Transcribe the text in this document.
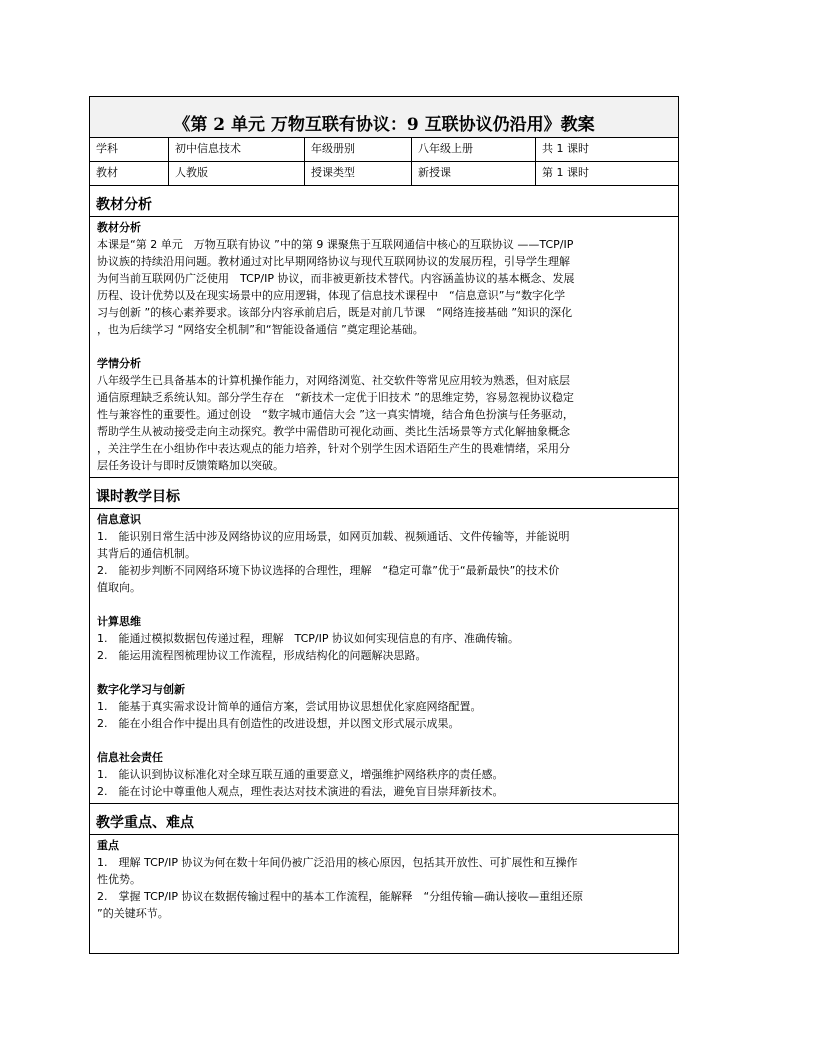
《第 2 单元 万物互联有协议：9 互联协议仍沿用》教案
学科	初中信息技术	年级册别	八年级上册	共 1 课时
教材	人教版	授课类型	新授课	第 1 课时
教材分析
教材分析

本课是“第 2 单元　万物互联有协议 ”中的第 9 课聚焦于互联网通信中核心的互联协议 ——TCP/IP

协议族的持续沿用问题。教材通过对比早期网络协议与现代互联网协议的发展历程，引导学生理解

为何当前互联网仍广泛使用　TCP/IP 协议，而非被更新技术替代。内容涵盖协议的基本概念、发展

历程、设计优势以及在现实场景中的应用逻辑，体现了信息技术课程中　“信息意识”与“数字化学

习与创新 ”的核心素养要求。该部分内容承前启后，既是对前几节课　“网络连接基础 ”知识的深化

，也为后续学习 “网络安全机制”和“智能设备通信 ”奠定理论基础。

学情分析

八年级学生已具备基本的计算机操作能力，对网络浏览、社交软件等常见应用较为熟悉，但对底层

通信原理缺乏系统认知。部分学生存在　“新技术一定优于旧技术 ”的思维定势，容易忽视协议稳定

性与兼容性的重要性。通过创设　“数字城市通信大会 ”这一真实情境，结合角色扮演与任务驱动，

帮助学生从被动接受走向主动探究。教学中需借助可视化动画、类比生活场景等方式化解抽象概念

，关注学生在小组协作中表达观点的能力培养，针对个别学生因术语陌生产生的畏难情绪，采用分

层任务设计与即时反馈策略加以突破。

课时教学目标
信息意识

1.　能识别日常生活中涉及网络协议的应用场景，如网页加载、视频通话、文件传输等，并能说明

其背后的通信机制。

2.　能初步判断不同网络环境下协议选择的合理性，理解　“稳定可靠”优于“最新最快”的技术价

值取向。

计算思维

1.　能通过模拟数据包传递过程，理解　TCP/IP 协议如何实现信息的有序、准确传输。

2.　能运用流程图梳理协议工作流程，形成结构化的问题解决思路。

数字化学习与创新

1.　能基于真实需求设计简单的通信方案，尝试用协议思想优化家庭网络配置。

2.　能在小组合作中提出具有创造性的改进设想，并以图文形式展示成果。

信息社会责任

1.　能认识到协议标准化对全球互联互通的重要意义，增强维护网络秩序的责任感。

2.　能在讨论中尊重他人观点，理性表达对技术演进的看法，避免盲目崇拜新技术。

教学重点、难点
重点

1.　理解 TCP/IP 协议为何在数十年间仍被广泛沿用的核心原因，包括其开放性、可扩展性和互操作

性优势。

2.　掌握 TCP/IP 协议在数据传输过程中的基本工作流程，能解释　“分组传输—确认接收—重组还原

”的关键环节。
